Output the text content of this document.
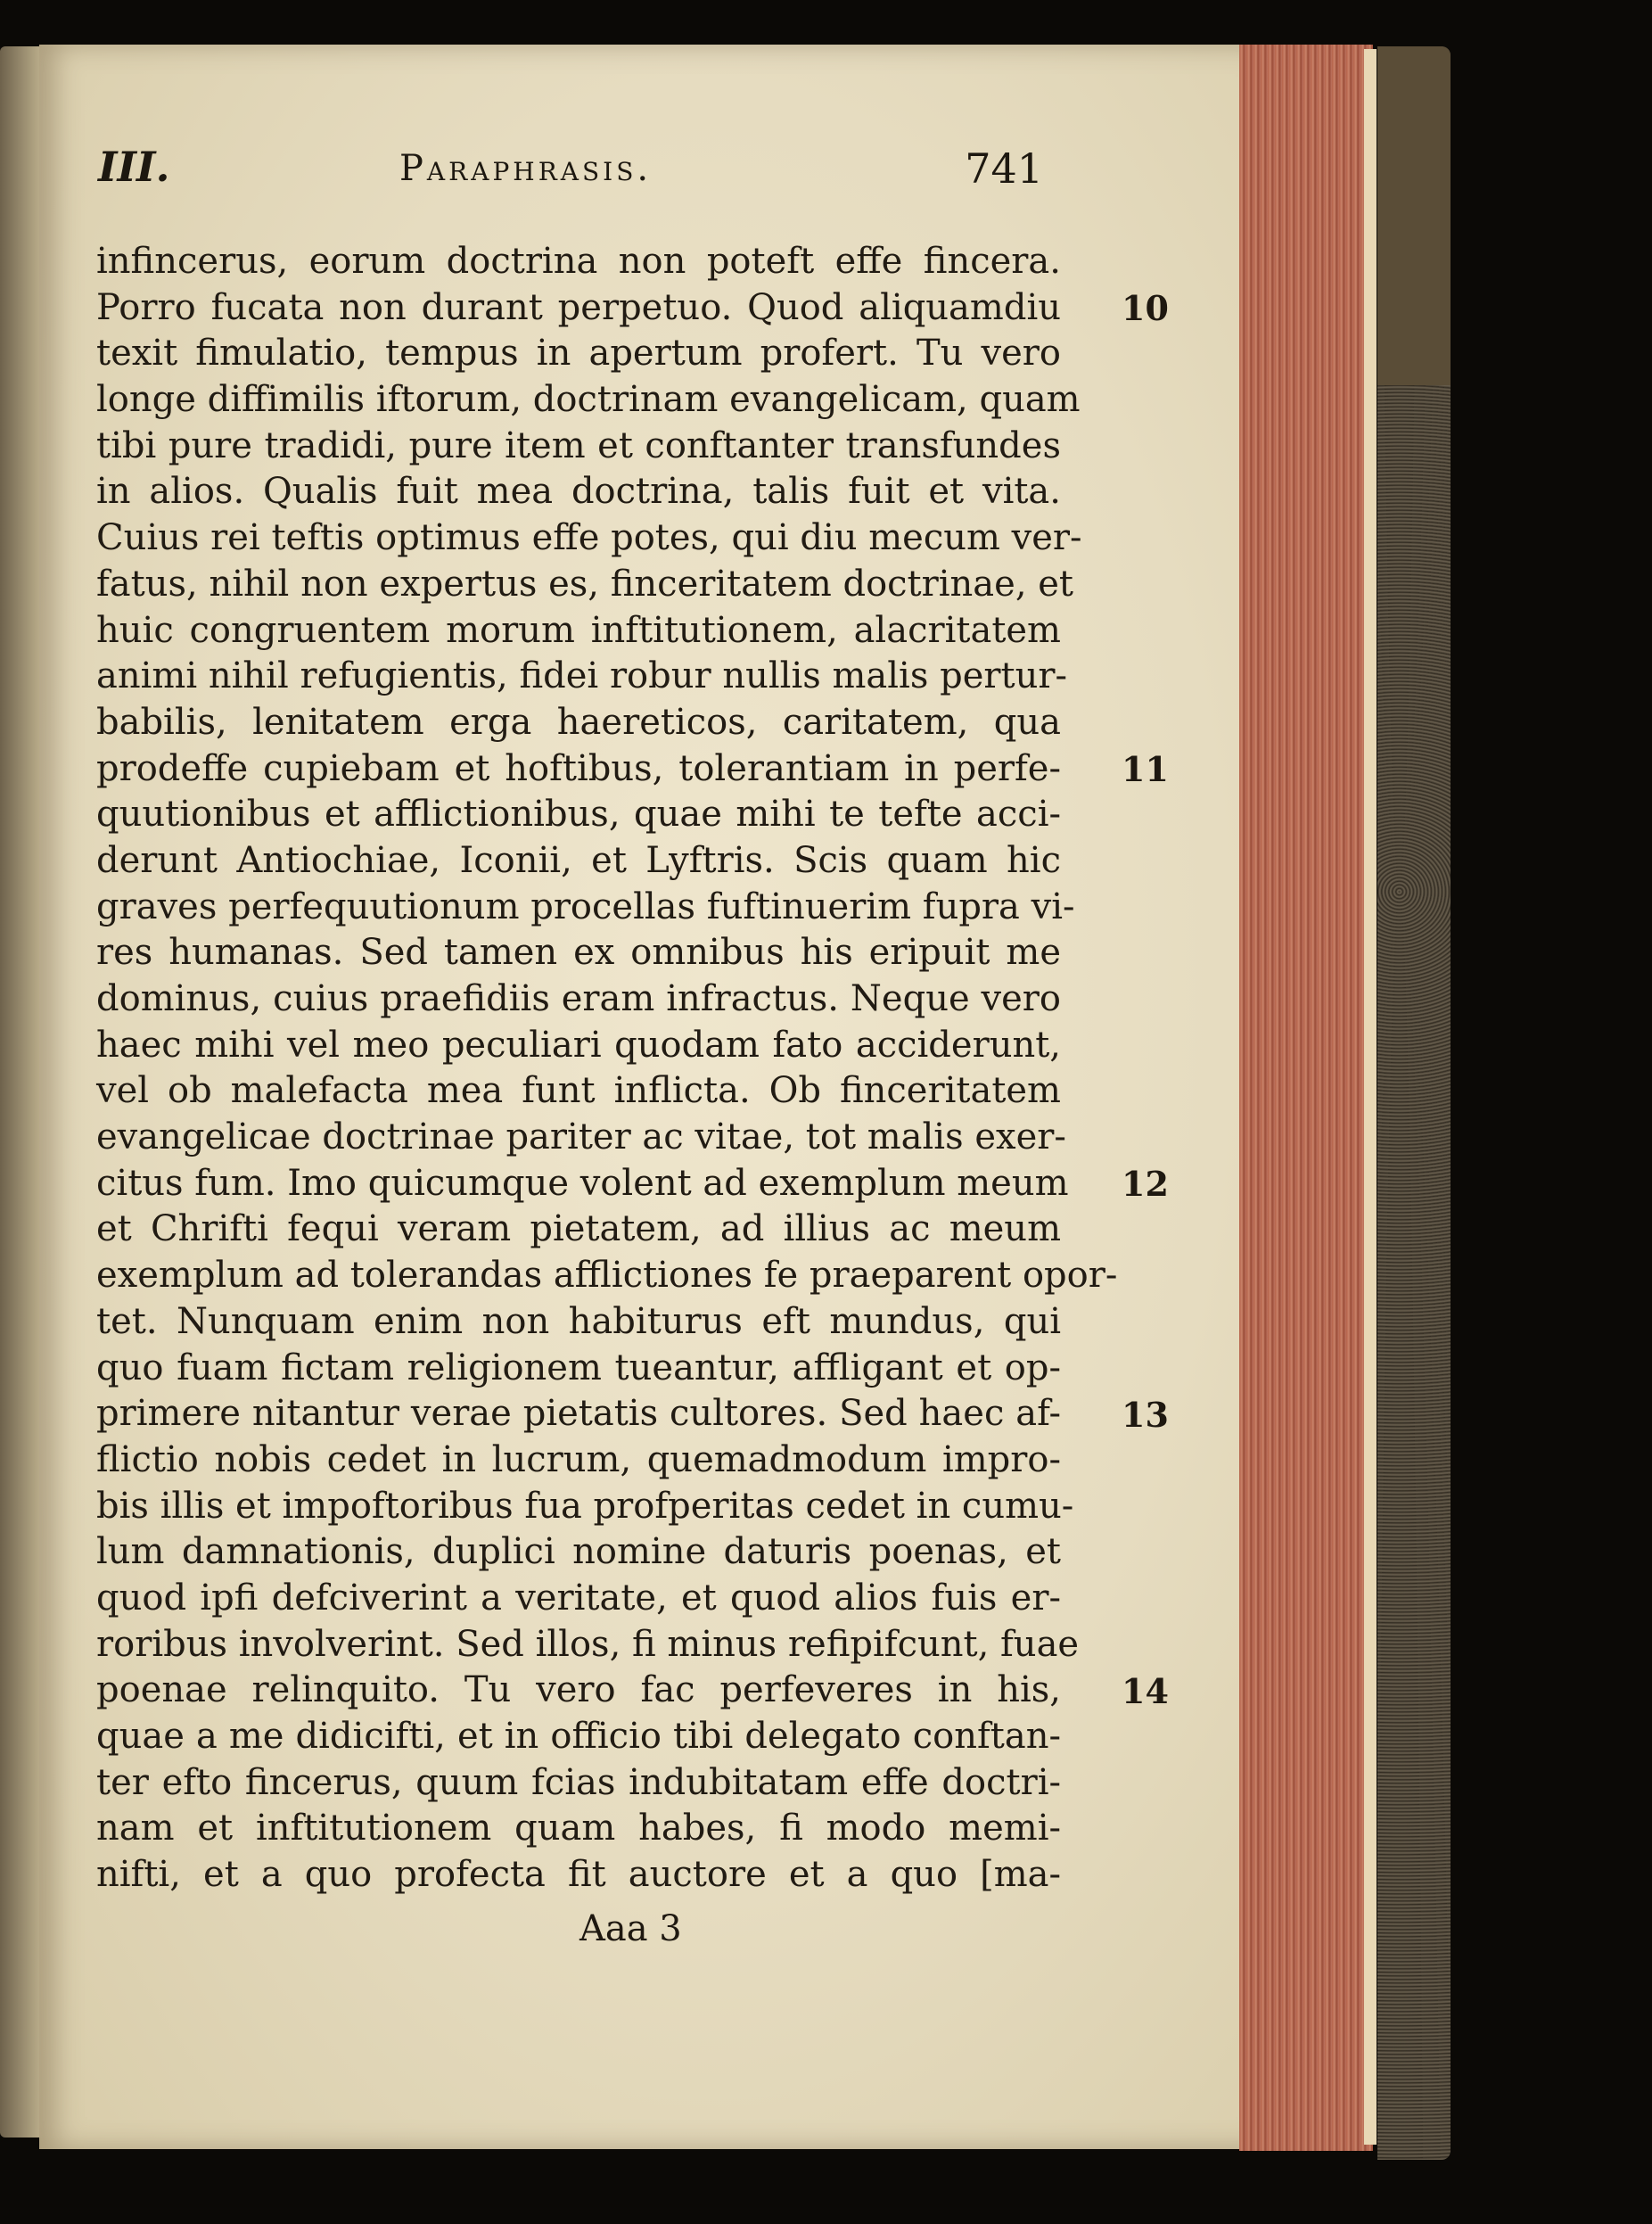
III.	Paraphrasis.	741
infincerus, eorum doctrina non poteft effe fincera.
Porro fucata non durant perpetuo. Quod aliquamdiu
texit fimulatio, tempus in apertum profert. Tu vero
longe diffimilis iftorum, doctrinam evangelicam, quam
tibi pure tradidi, pure item et conftanter transfundes
in alios. Qualis fuit mea doctrina, talis fuit et vita.
Cuius rei teftis optimus effe potes, qui diu mecum ver-
fatus, nihil non expertus es, finceritatem doctrinae, et
huic congruentem morum inftitutionem, alacritatem
animi nihil refugientis, fidei robur nullis malis pertur-
babilis, lenitatem erga haereticos, caritatem, qua
prodeffe cupiebam et hoftibus, tolerantiam in perfe-
quutionibus et afflictionibus, quae mihi te tefte acci-
derunt Antiochiae, Iconii, et Lyftris. Scis quam hic
graves perfequutionum procellas fuftinuerim fupra vi-
res humanas. Sed tamen ex omnibus his eripuit me
dominus, cuius praefidiis eram infractus. Neque vero
haec mihi vel meo peculiari quodam fato acciderunt,
vel ob malefacta mea funt inflicta. Ob finceritatem
evangelicae doctrinae pariter ac vitae, tot malis exer-
citus fum. Imo quicumque volent ad exemplum meum
et Chrifti fequi veram pietatem, ad illius ac meum
exemplum ad tolerandas afflictiones fe praeparent opor-
tet. Nunquam enim non habiturus eft mundus, qui
quo fuam fictam religionem tueantur, affligant et op-
primere nitantur verae pietatis cultores. Sed haec af-
flictio nobis cedet in lucrum, quemadmodum impro-
bis illis et impoftoribus fua profperitas cedet in cumu-
lum damnationis, duplici nomine daturis poenas, et
quod ipfi defciverint a veritate, et quod alios fuis er-
roribus involverint. Sed illos, fi minus refipifcunt, fuae
poenae relinquito. Tu vero fac perfeveres in his,
quae a me didicifti, et in officio tibi delegato conftan-
ter efto fincerus, quum fcias indubitatam effe doctri-
nam et inftitutionem quam habes, fi modo memi-
nifti, et a quo profecta fit auctore et a quo [ma-
10
11
12
13
14
Aaa 3
